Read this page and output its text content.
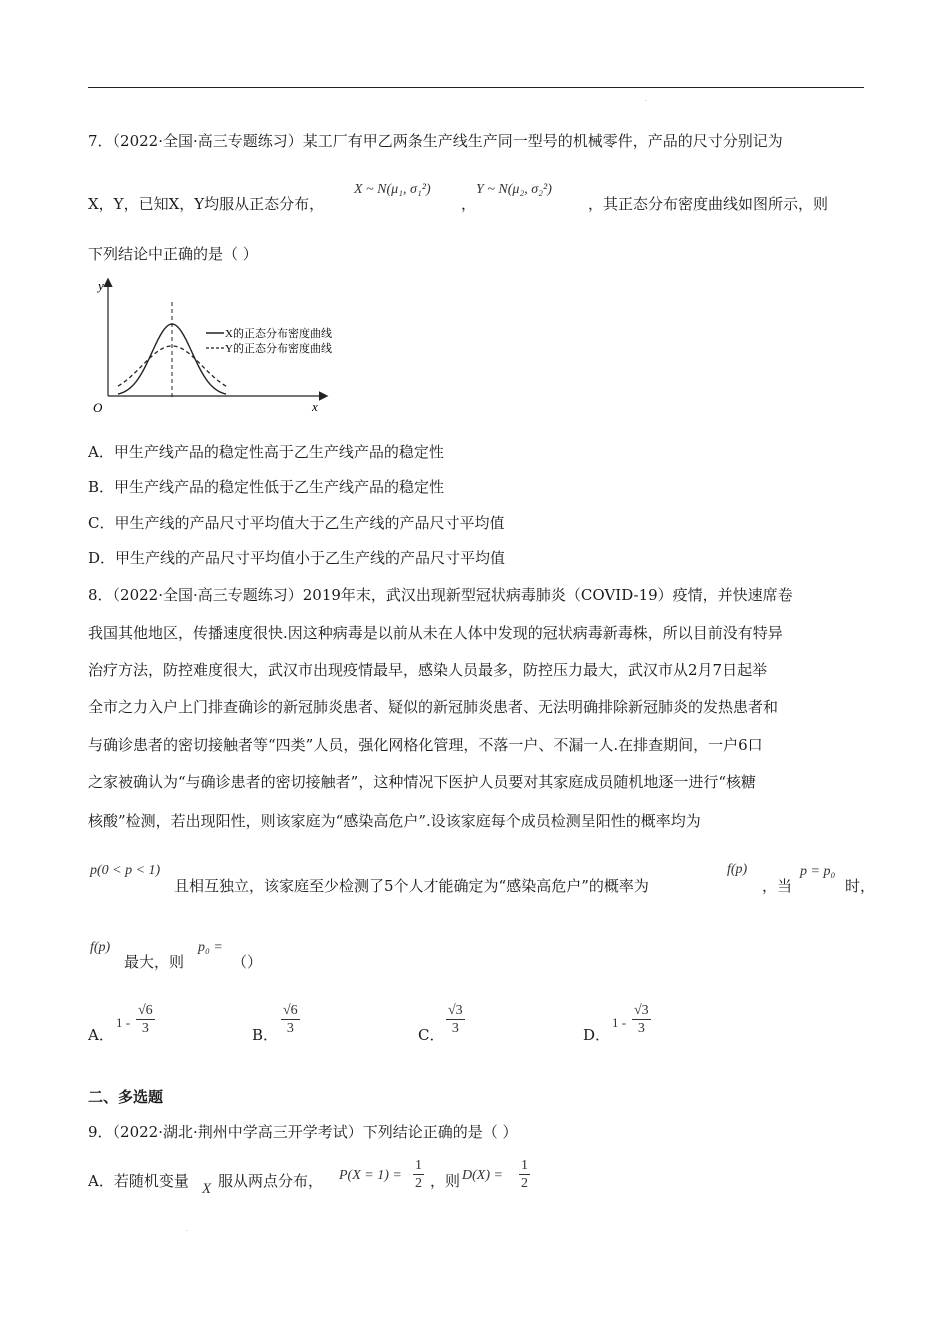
.
7．（2022·全国·高三专题练习）某工厂有甲乙两条生产线生产同一型号的机械零件，产品的尺寸分别记为
X，Y，已知X，Y均服从正态分布，
X ~ N(μ₁, σ₁²)
，
Y ~ N(μ₂, σ₂²)
，其正态分布密度曲线如图所示，则
下列结论中正确的是（ ）
y
x
O
X的正态分布密度曲线
Y的正态分布密度曲线
A．甲生产线产品的稳定性高于乙生产线产品的稳定性
B．甲生产线产品的稳定性低于乙生产线产品的稳定性
C．甲生产线的产品尺寸平均值大于乙生产线的产品尺寸平均值
D．甲生产线的产品尺寸平均值小于乙生产线的产品尺寸平均值
8．（2022·全国·高三专题练习）2019年末，武汉出现新型冠状病毒肺炎（COVID-19）疫情，并快速席卷
我国其他地区，传播速度很快.因这种病毒是以前从未在人体中发现的冠状病毒新毒株，所以目前没有特异
治疗方法，防控难度很大，武汉市出现疫情最早，感染人员最多，防控压力最大，武汉市从2月7日起举
全市之力入户上门排查确诊的新冠肺炎患者、疑似的新冠肺炎患者、无法明确排除新冠肺炎的发热患者和
与确诊患者的密切接触者等“四类”人员，强化网格化管理，不落一户、不漏一人.在排查期间，一户6口
之家被确认为“与确诊患者的密切接触者”，这种情况下医护人员要对其家庭成员随机地逐一进行“核糖
核酸”检测，若出现阳性，则该家庭为“感染高危户”.设该家庭每个成员检测呈阳性的概率均为
p(0 < p < 1)
且相互独立，该家庭至少检测了5个人才能确定为“感染高危户”的概率为
f(p)
，当
p = p₀
时，
f(p)
最大，则
p₀ =
（）
A．
$1 - \frac{√6}{3}$	B． $\frac{√6}{3}$	C． $\frac{√3}{3}$	D．
$1 - \frac{√3}{3}$
二、多选题
9．（2022·湖北·荆州中学高三开学考试）下列结论正确的是（ ）
A．若随机变量 X 服从两点分布， $P(X = 1) = \frac{1}{2}$ ，则 $D(X) = \frac{1}{2}$
.
